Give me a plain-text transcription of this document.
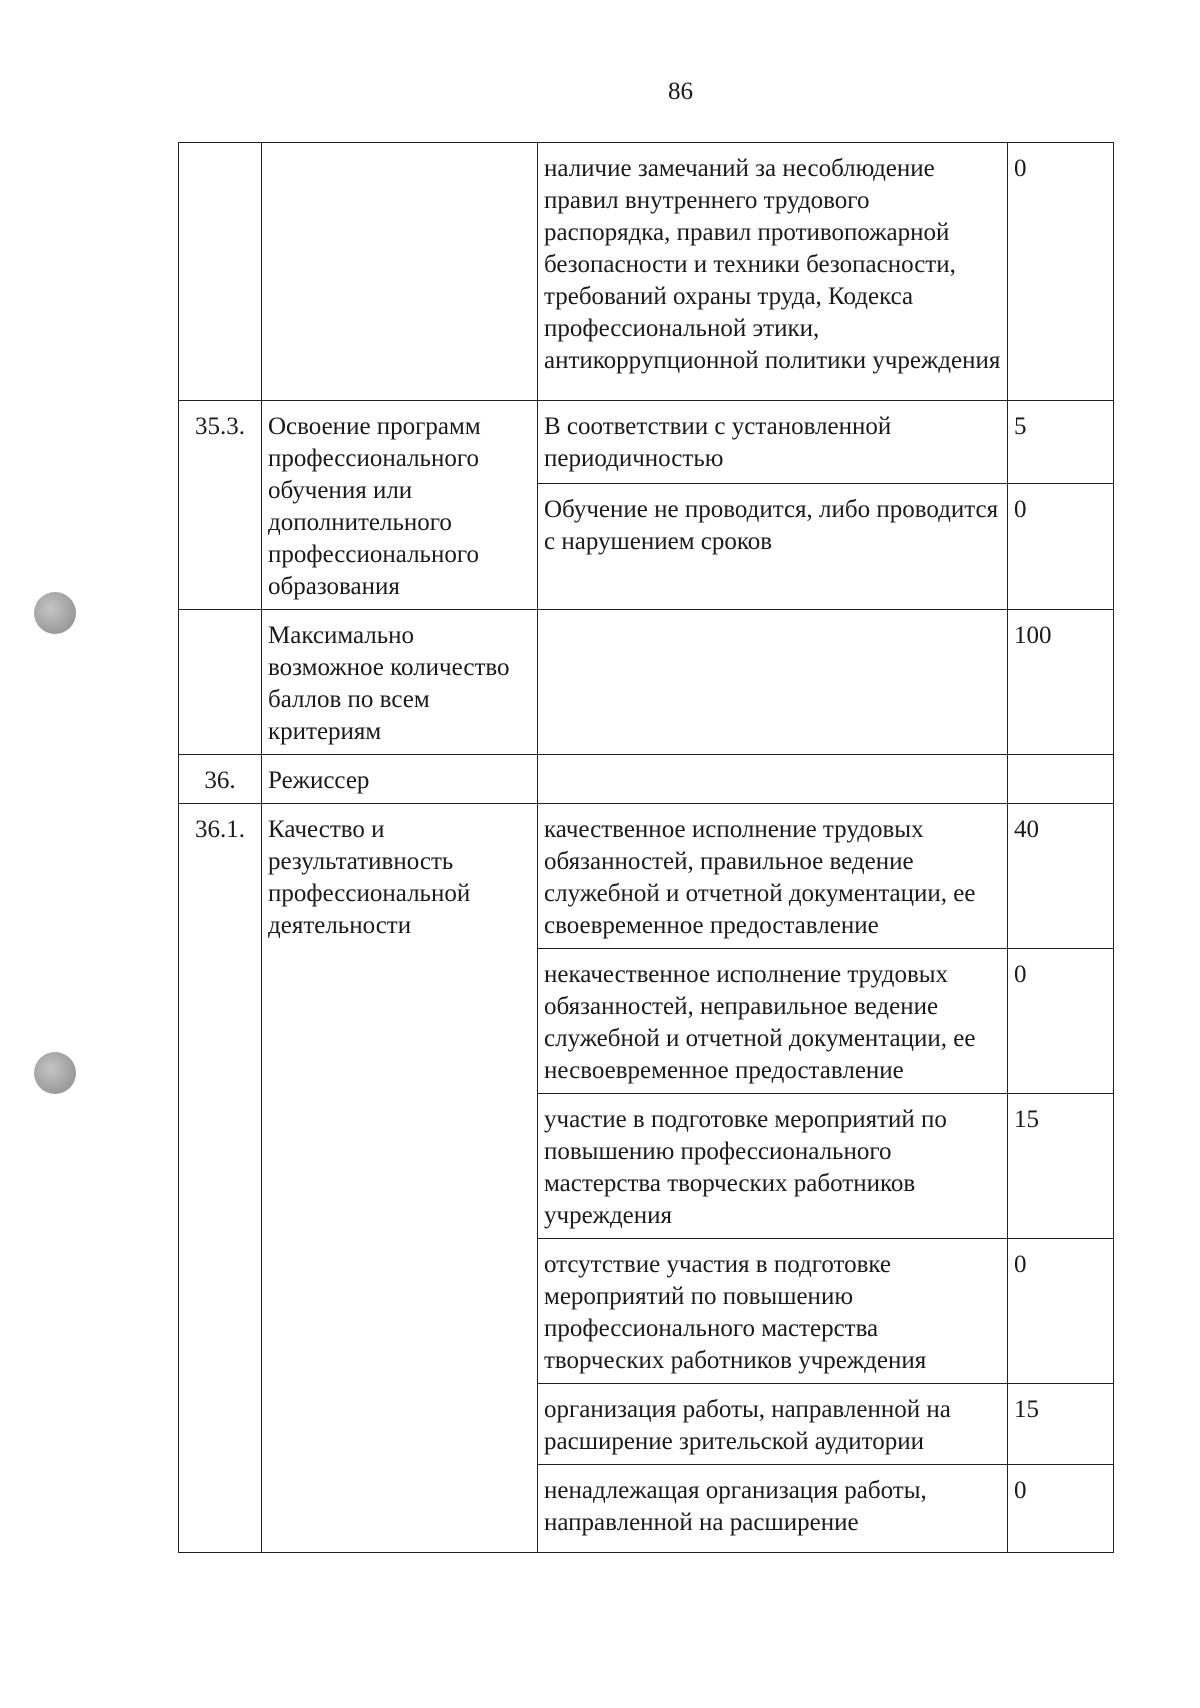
86
		наличие замечаний за несоблюдение правил внутреннего трудового распорядка, правил противопожарной безопасности и техники безопасности, требований охраны труда, Кодекса профессиональной этики, антикоррупционной политики учреждения	0
35.3.	Освоение программ профессионального обучения или дополнительного профессионального образования	В соответствии с установленной периодичностью	5
		Обучение не проводится, либо проводится с нарушением сроков	0
	Максимально возможное количество баллов по всем критериям		100
36.	Режиссер		
36.1.	Качество и результативность профессиональной деятельности	качественное исполнение трудовых обязанностей, правильное ведение служебной и отчетной документации, ее своевременное предоставление	40
		некачественное исполнение трудовых обязанностей, неправильное ведение служебной и отчетной документации, ее несвоевременное предоставление	0
		участие в подготовке мероприятий по повышению профессионального мастерства творческих работников учреждения	15
		отсутствие участия в подготовке мероприятий по повышению профессионального мастерства творческих работников учреждения	0
		организация работы, направленной на расширение зрительской аудитории	15
		ненадлежащая организация работы, направленной на расширение	0
